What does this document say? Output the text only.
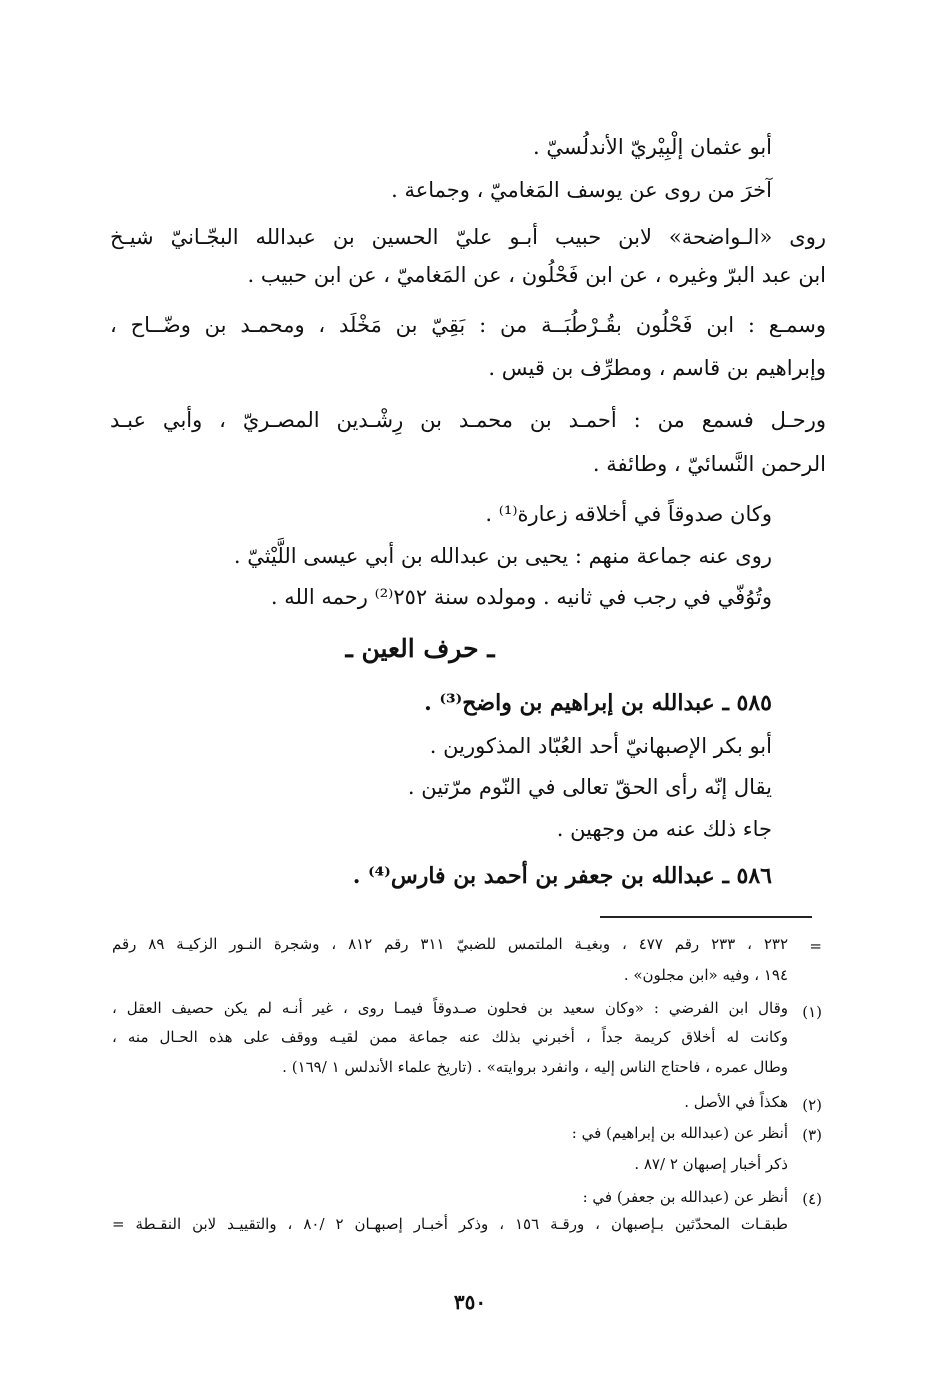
أبو عثمان إلْبِيْريّ الأندلُسيّ .
آخرَ من روى عن يوسف المَغاميّ ، وجماعة .
روى «الـواضحة» لابن حبيب أبـو عليّ الحسين بن عبدالله البجّـانيّ شيـخ
ابن عبد البرّ وغيره ، عن ابن فَحْلُون ، عن المَغاميّ ، عن ابن حبيب .
وسمـع : ابن فَحْلُون بقُـرْطُبَــة من : بَقِيّ بن مَخْلَد ، ومحمـد بن وضّــاح ،
وإبراهيم بن قاسم ، ومطرِّف بن قيس .
ورحـل فسمع من : أحمـد بن محمـد بن رِشْـدين المصـريّ ، وأبي عبـد
الرحمن النَّسائيّ ، وطائفة .
وكان صدوقاً في أخلاقه زعارة⁽¹⁾ .
روى عنه جماعة منهم : يحيى بن عبدالله بن أبي عيسى اللَّيْثيّ .
وتُوُفّي في رجب في ثانيه . ومولده سنة ٢٥٢⁽²⁾ رحمه الله .
ـ حرف العين ـ
٥٨٥ ـ عبدالله بن إبراهيم بن واضح⁽³⁾ .
أبو بكر الإصبهانيّ أحد العُبّاد المذكورين .
يقال إنّه رأى الحقّ تعالى في النّوم مرّتين .
جاء ذلك عنه من وجهين .
٥٨٦ ـ عبدالله بن جعفر بن أحمد بن فارس⁽⁴⁾ .
=
٢٣٢ ، ٢٣٣ رقم ٤٧٧ ، وبغيـة الملتمس للضبيّ ٣١١ رقم ٨١٢ ، وشجرة النـور الزكيـة ٨٩ رقم
١٩٤ ، وفيه «ابن مجلون» .
(١)
وقال ابن الفرضي : «وكان سعيد بن فحلون صـدوقاً فيمـا روى ، غير أنـه لم يكن حصيف العقل ،
وكانت له أخلاق كريمة جداً ، أخبرني بذلك عنه جماعة ممن لقيـه ووقف على هذه الحـال منه ،
وطال عمره ، فاحتاج الناس إليه ، وانفرد بروايته» . (تاريخ علماء الأندلس ١ /١٦٩) .
(٢)
هكذاً في الأصل .
(٣)
أنظر عن (عبدالله بن إبراهيم) في :
ذكر أخبار إصبهان ٢ /٨٧ .
(٤)
أنظر عن (عبدالله بن جعفر) في :
طبقـات المحدّثين بـإصبهان ، ورقـة ١٥٦ ، وذكر أخبـار إصبهـان ٢ /٨٠ ، والتقييـد لابن النقـطة =
٣٥٠
